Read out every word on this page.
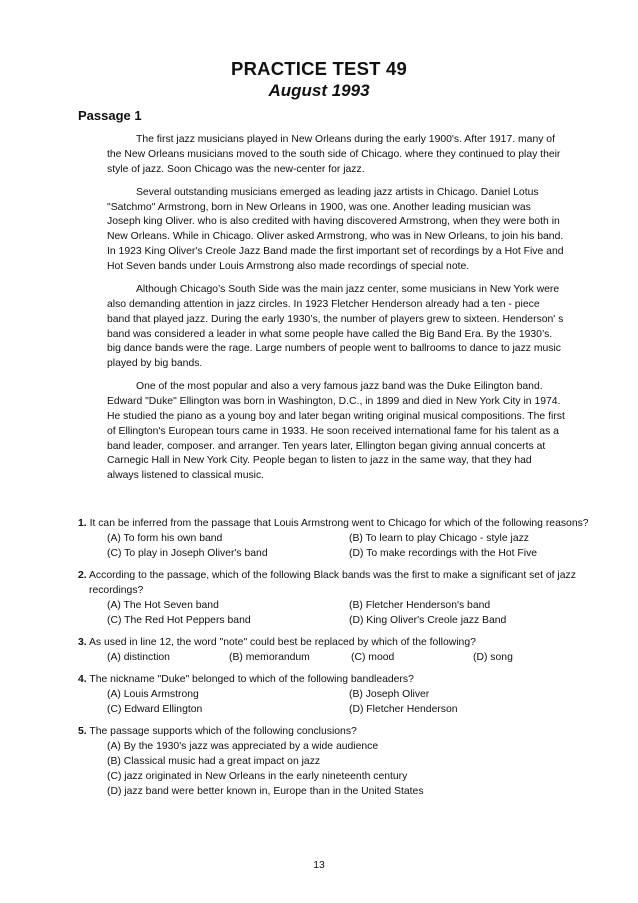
PRACTICE TEST 49
August 1993
Passage 1

The first jazz musicians played in New Orleans during the early 1900's. After 1917. many of the New Orleans musicians moved to the south side of Chicago. where they continued to play their style of jazz. Soon Chicago was the new-center for jazz.

Several outstanding musicians emerged as leading jazz artists in Chicago. Daniel Lotus "Satchmo" Armstrong, born in New Orleans in 1900, was one. Another leading musician was Joseph king Oliver. who is also credited with having discovered Armstrong, when they were both in New Orleans. While in Chicago. Oliver asked Armstrong, who was in New Orleans, to join his band. In 1923 King Oliver's Creole Jazz Band made the first important set of recordings by a Hot Five and Hot Seven bands under Louis Armstrong also made recordings of special note.

Although Chicago’s South Side was the main jazz center, some musicians in New York were also demanding attention in jazz circles. In 1923 Fletcher Henderson already had a ten - piece band that played jazz. During the early 1930’s, the number of players grew to sixteen. Henderson' s band was considered a leader in what some people have called the Big Band Era. By the 1930’s. big dance bands were the rage. Large numbers of people went to ballrooms to dance to jazz music played by big bands.

One of the most popular and also a very famous jazz band was the Duke Eilington band. Edward "Duke" Ellington was born in Washington, D.C., in 1899 and died in New York City in 1974. He studied the piano as a young boy and later began writing original musical compositions. The first of Ellington's European tours came in 1933. He soon received international fame for his talent as a band leader, composer. and arranger. Ten years later, Ellington began giving annual concerts at Carnegic Hall in New York City. People began to listen to jazz in the same way, that they had always listened to classical music.

1. It can be inferred from the passage that Louis Armstrong went to Chicago for which of the following reasons?
(A) To form his own band	(B) To learn to play Chicago - style jazz
(C) To play in Joseph Oliver's band	(D) To make recordings with the Hot Five
2. According to the passage, which of the following Black bands was the first to make a significant set of jazz recordings?
(A) The Hot Seven band	(B) Fletcher Henderson's band
(C) The Red Hot Peppers band	(D) King Oliver's Creole jazz Band
3. As used in line 12, the word "note" could best be replaced by which of the following?
(A) distinction	(B) memorandum	(C) mood	(D) song
4. The nickname "Duke" belonged to which of the following bandleaders?
(A) Louis Armstrong	(B) Joseph Oliver
(C) Edward Ellington	(D) Fletcher Henderson
5. The passage supports which of the following conclusions?
(A) By the 1930's jazz was appreciated by a wide audience
(B) Classical music had a great impact on jazz
(C) jazz originated in New Orleans in the early nineteenth century
(D) jazz band were better known in, Europe than in the United States
13
